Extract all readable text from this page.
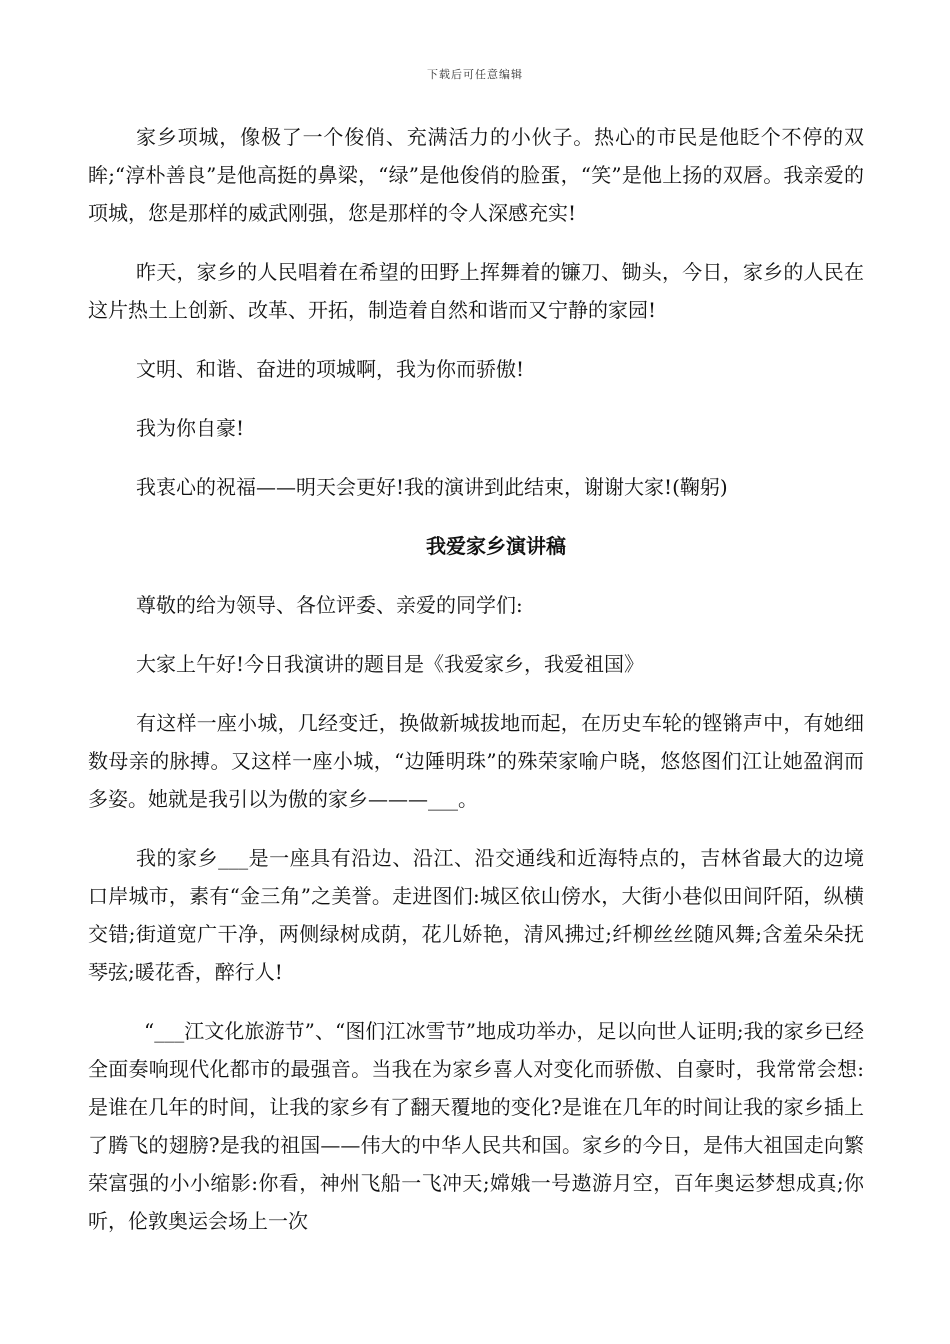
下载后可任意编辑

家乡项城，像极了一个俊俏、充满活力的小伙子。热心的市民是他眨个不停的双眸;“淳朴善良”是他高挺的鼻梁，“绿”是他俊俏的脸蛋，“笑”是他上扬的双唇。我亲爱的项城，您是那样的威武刚强，您是那样的令人深感充实!

昨天，家乡的人民唱着在希望的田野上挥舞着的镰刀、锄头，今日，家乡的人民在这片热土上创新、改革、开拓，制造着自然和谐而又宁静的家园!

文明、和谐、奋进的项城啊，我为你而骄傲!

我为你自豪!

我衷心的祝福——明天会更好!我的演讲到此结束，谢谢大家!(鞠躬)

我爱家乡演讲稿

尊敬的给为领导、各位评委、亲爱的同学们:

大家上午好!今日我演讲的题目是《我爱家乡，我爱祖国》

有这样一座小城，几经变迁，换做新城拔地而起，在历史车轮的铿锵声中，有她细数母亲的脉搏。又这样一座小城，“边陲明珠”的殊荣家喻户晓，悠悠图们江让她盈润而多姿。她就是我引以为傲的家乡———___。

我的家乡___是一座具有沿边、沿江、沿交通线和近海特点的，吉林省最大的边境口岸城市，素有“金三角”之美誉。走进图们:城区依山傍水，大街小巷似田间阡陌，纵横交错;街道宽广干净，两侧绿树成荫，花儿娇艳，清风拂过;纤柳丝丝随风舞;含羞朵朵抚琴弦;暖花香，醉行人!

“___江文化旅游节”、“图们江冰雪节”地成功举办，足以向世人证明;我的家乡已经全面奏响现代化都市的最强音。当我在为家乡喜人对变化而骄傲、自豪时，我常常会想:是谁在几年的时间，让我的家乡有了翻天覆地的变化?是谁在几年的时间让我的家乡插上了腾飞的翅膀?是我的祖国——伟大的中华人民共和国。家乡的今日，是伟大祖国走向繁荣富强的小小缩影:你看，神州飞船一飞冲天;嫦娥一号遨游月空，百年奥运梦想成真;你听，伦敦奥运会场上一次
